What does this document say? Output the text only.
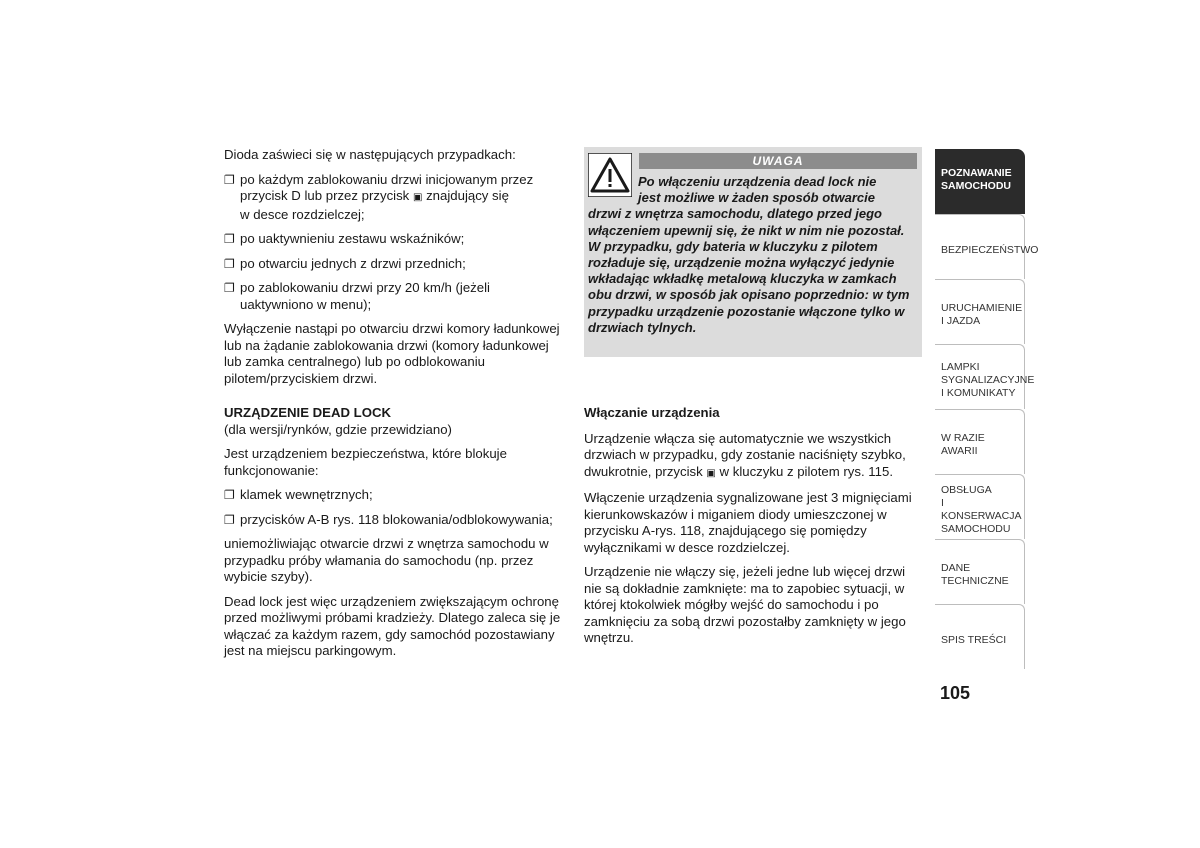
Dioda zaświeci się w następujących przypadkach:

❐ po każdym zablokowaniu drzwi inicjowanym przez
przycisk D lub przez przycisk ▣ znajdujący się
w desce rozdzielczej;
❐ po uaktywnieniu zestawu wskaźników;
❐ po otwarciu jednych z drzwi przednich;
❐ po zablokowaniu drzwi przy 20 km/h (jeżeli
uaktywniono w menu);

Wyłączenie nastąpi po otwarciu drzwi komory ładunkowej lub na żądanie zablokowania drzwi (komory ładunkowej lub zamka centralnego) lub po odblokowaniu pilotem/przyciskiem drzwi.

URZĄDZENIE DEAD LOCK

(dla wersji/rynków, gdzie przewidziano)

Jest urządzeniem bezpieczeństwa, które blokuje funkcjonowanie:

❐ klamek wewnętrznych;
❐ przycisków A-B rys. 118 blokowania/odblokowywania;

uniemożliwiając otwarcie drzwi z wnętrza samochodu w przypadku próby włamania do samochodu (np. przez wybicie szyby).

Dead lock jest więc urządzeniem zwiększającym ochronę przed możliwymi próbami kradzieży. Dlatego zaleca się je włączać za każdym razem, gdy samochód pozostawiany jest na miejscu parkingowym.

UWAGA
Po włączeniu urządzenia dead lock nie
jest możliwe w żaden sposób otwarcie
drzwi z wnętrza samochodu, dlatego przed jego włączeniem upewnij się, że nikt w nim nie pozostał. W przypadku, gdy bateria w kluczyku z pilotem rozładuje się, urządzenie można wyłączyć jedynie wkładając wkładkę metalową kluczyka w zamkach obu drzwi, w sposób jak opisano poprzednio: w tym przypadku urządzenie pozostanie włączone tylko w drzwiach tylnych.

Włączanie urządzenia

Urządzenie włącza się automatycznie we wszystkich drzwiach w przypadku, gdy zostanie naciśnięty szybko, dwukrotnie, przycisk ▣ w kluczyku z pilotem rys. 115.

Włączenie urządzenia sygnalizowane jest 3 mignięciami kierunkowskazów i miganiem diody umieszczonej w przycisku A-rys. 118, znajdującego się pomiędzy wyłącznikami w desce rozdzielczej.

Urządzenie nie włączy się, jeżeli jedne lub więcej drzwi nie są dokładnie zamknięte: ma to zapobiec sytuacji, w której ktokolwiek mógłby wejść do samochodu i po zamknięciu za sobą drzwi pozostałby zamknięty w jego wnętrzu.

POZNAWANIE
SAMOCHODU
BEZPIECZEŃSTWO
URUCHAMIENIE
I JAZDA
LAMPKI
SYGNALIZACYJNE
I KOMUNIKATY
W RAZIE AWARII
OBSŁUGA
I KONSERWACJA
SAMOCHODU
DANE TECHNICZNE
SPIS TREŚCI
105
